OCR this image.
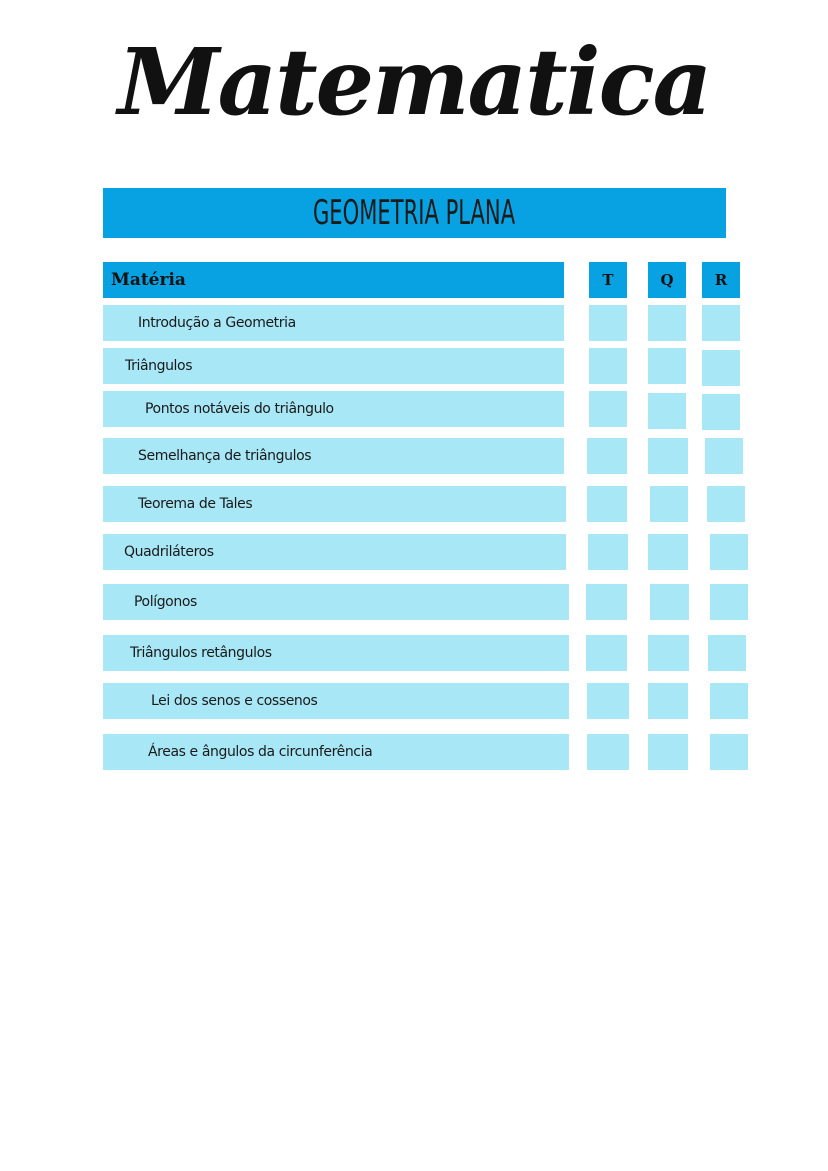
Matematica
GEOMETRIA PLANA
Matéria	T	Q	R
Introdução a Geometria
Triângulos
Pontos notáveis do triângulo
Semelhança de triângulos
Teorema de Tales
Quadriláteros
Polígonos
Triângulos retângulos
Lei dos senos e cossenos
Áreas e ângulos da circunferência
